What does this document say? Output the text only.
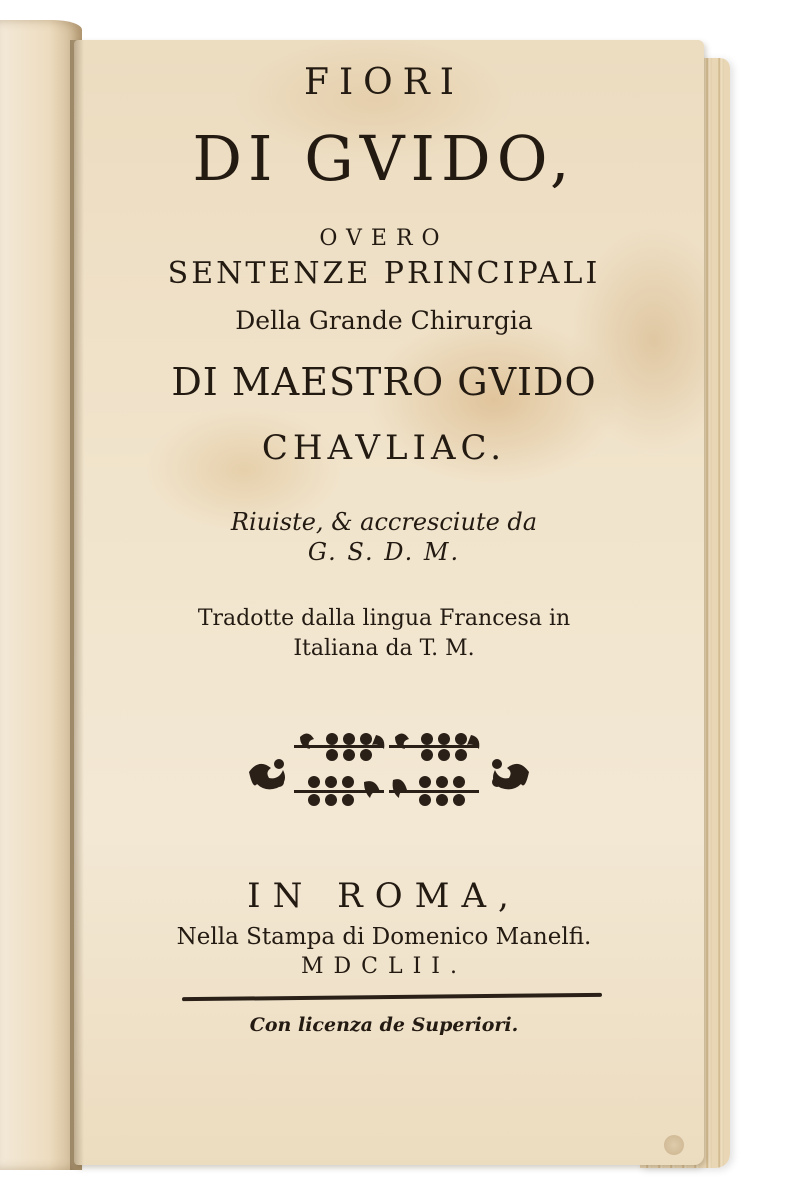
FIORI
DI GVIDO,
OVERO
SENTENZE PRINCIPALI
Della Grande Chirurgia
DI MAESTRO GVIDO
CHAVLIAC.
Riuiste, & accresciute da
G. S. D. M.
Tradotte dalla lingua Francesa in
Italiana da T. M.
IN ROMA,
Nella Stampa di Domenico Manelfi.
MDCLII.
Con licenza de Superiori.
